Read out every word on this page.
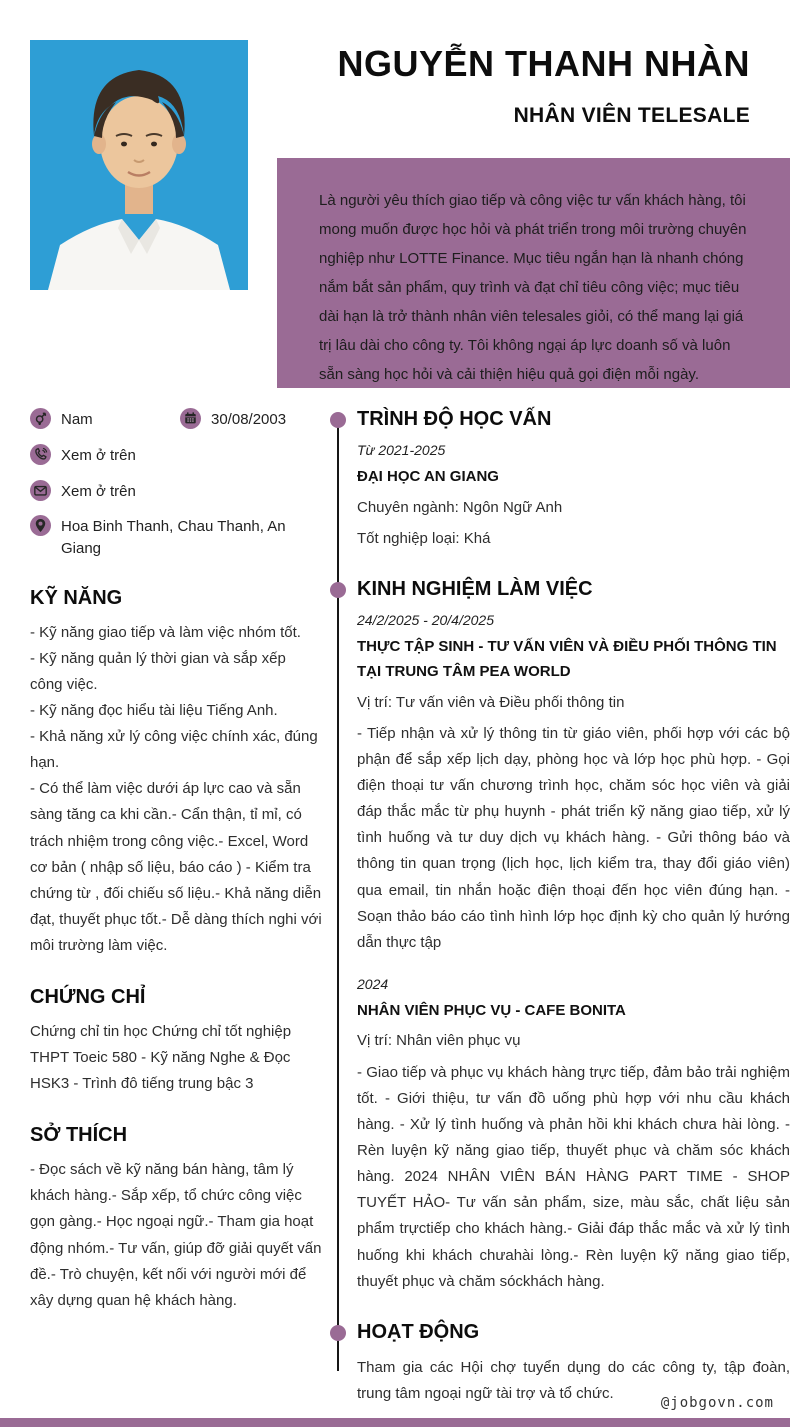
NGUYỄN THANH NHÀN
NHÂN VIÊN TELESALE

Là người yêu thích giao tiếp và công việc tư vấn khách hàng, tôi mong muốn được học hỏi và phát triển trong môi trường chuyên nghiệp như LOTTE Finance. Mục tiêu ngắn hạn là nhanh chóng nắm bắt sản phẩm, quy trình và đạt chỉ tiêu công việc; mục tiêu dài hạn là trở thành nhân viên telesales giỏi, có thể mang lại giá trị lâu dài cho công ty. Tôi không ngại áp lực doanh số và luôn sẵn sàng học hỏi và cải thiện hiệu quả gọi điện mỗi ngày.

Nam	30/08/2003
Xem ở trên
Xem ở trên
Hoa Binh Thanh, Chau Thanh, An Giang
KỸ NĂNG

- Kỹ năng giao tiếp và làm việc nhóm tốt.

- Kỹ năng quản lý thời gian và sắp xếp công việc.

- Kỹ năng đọc hiểu tài liệu Tiếng Anh.

- Khả năng xử lý công việc chính xác, đúng hạn.

- Có thể làm việc dưới áp lực cao và sẵn sàng tăng ca khi cần.- Cẩn thận, tỉ mỉ, có trách nhiệm trong công việc.- Excel, Word cơ bản ( nhập số liệu, báo cáo ) - Kiểm tra chứng từ , đối chiếu số liệu.- Khả năng diễn đạt, thuyết phục tốt.- Dễ dàng thích nghi với môi trường làm việc.

CHỨNG CHỈ

Chứng chỉ tin học Chứng chỉ tốt nghiệp THPT Toeic 580 - Kỹ năng Nghe & Đọc HSK3 - Trình đô tiếng trung bậc 3

SỞ THÍCH

- Đọc sách về kỹ năng bán hàng, tâm lý khách hàng.- Sắp xếp, tổ chức công việc gọn gàng.- Học ngoại ngữ.- Tham gia hoạt động nhóm.- Tư vấn, giúp đỡ giải quyết vấn đề.- Trò chuyện, kết nối với người mới để xây dựng quan hệ khách hàng.

TRÌNH ĐỘ HỌC VẤN

Từ 2021-2025

ĐẠI HỌC AN GIANG

Chuyên ngành: Ngôn Ngữ Anh

Tốt nghiệp loại: Khá

KINH NGHIỆM LÀM VIỆC

24/2/2025 - 20/4/2025

THỰC TẬP SINH - TƯ VẤN VIÊN VÀ ĐIỀU PHỐI THÔNG TIN TẠI TRUNG TÂM PEA WORLD

Vị trí: Tư vấn viên và Điều phối thông tin

- Tiếp nhận và xử lý thông tin từ giáo viên, phối hợp với các bộ phận để sắp xếp lịch dạy, phòng học và lớp học phù hợp. - Gọi điện thoại tư vấn chương trình học, chăm sóc học viên và giải đáp thắc mắc từ phụ huynh - phát triển kỹ năng giao tiếp, xử lý tình huống và tư duy dịch vụ khách hàng. - Gửi thông báo và thông tin quan trọng (lịch học, lịch kiểm tra, thay đổi giáo viên) qua email, tin nhắn hoặc điện thoại đến học viên đúng hạn. - Soạn thảo báo cáo tình hình lớp học định kỳ cho quản lý hướng dẫn thực tập

2024

NHÂN VIÊN PHỤC VỤ - CAFE BONITA

Vị trí: Nhân viên phục vụ

- Giao tiếp và phục vụ khách hàng trực tiếp, đảm bảo trải nghiệm tốt. - Giới thiệu, tư vấn đồ uống phù hợp với nhu cầu khách hàng. - Xử lý tình huống và phản hồi khi khách chưa hài lòng. - Rèn luyện kỹ năng giao tiếp, thuyết phục và chăm sóc khách hàng. 2024 NHÂN VIÊN BÁN HÀNG PART TIME - SHOP TUYẾT HẢO- Tư vấn sản phẩm, size, màu sắc, chất liệu sản phẩm trựctiếp cho khách hàng.- Giải đáp thắc mắc và xử lý tình huống khi khách chưahài lòng.- Rèn luyện kỹ năng giao tiếp, thuyết phục và chăm sóckhách hàng.

HOẠT ĐỘNG

Tham gia các Hội chợ tuyển dụng do các công ty, tập đoàn, trung tâm ngoại ngữ tài trợ và tổ chức.

@jobgovn.com
